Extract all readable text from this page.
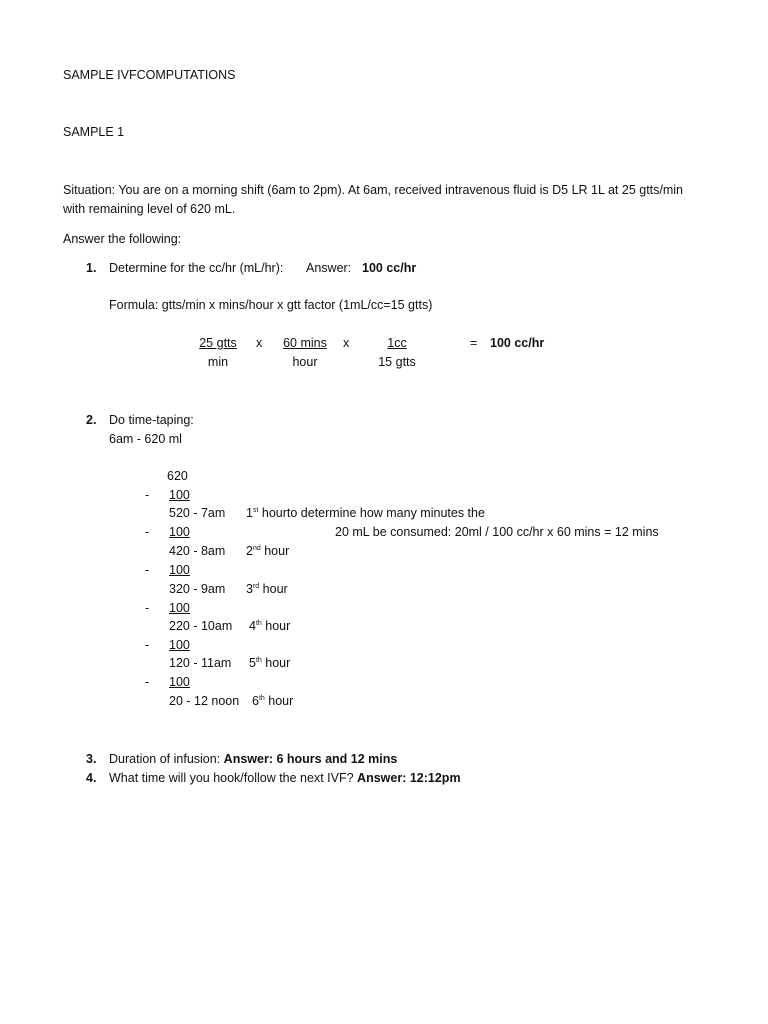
SAMPLE IVFCOMPUTATIONS
SAMPLE 1
Situation: You are on a morning shift (6am to 2pm). At 6am, received intravenous fluid is D5 LR 1L at 25 gtts/min
with remaining level of 620 mL.
Answer the following:
1. Determine for the cc/hr (mL/hr): Answer: 100 cc/hr
Formula: gtts/min x mins/hour x gtt factor (1mL/cc=15 gtts)
25 gtts
min
x	60 mins
hour
x	1cc
15 gtts
= 100 cc/hr
2. Do time-taping:
6am - 620 ml
620
- 100
520 - 7am 1st hourto determine how many minutes the
- 100	20 mL be consumed: 20ml / 100 cc/hr x 60 mins = 12 mins
420 - 8am 2nd hour
- 100
320 - 9am 3rd hour
- 100
220 - 10am 4th hour
- 100
120 - 11am 5th hour
- 100
20 - 12 noon 6th hour
3. Duration of infusion: Answer: 6 hours and 12 mins
4. What time will you hook/follow the next IVF? Answer: 12:12pm
